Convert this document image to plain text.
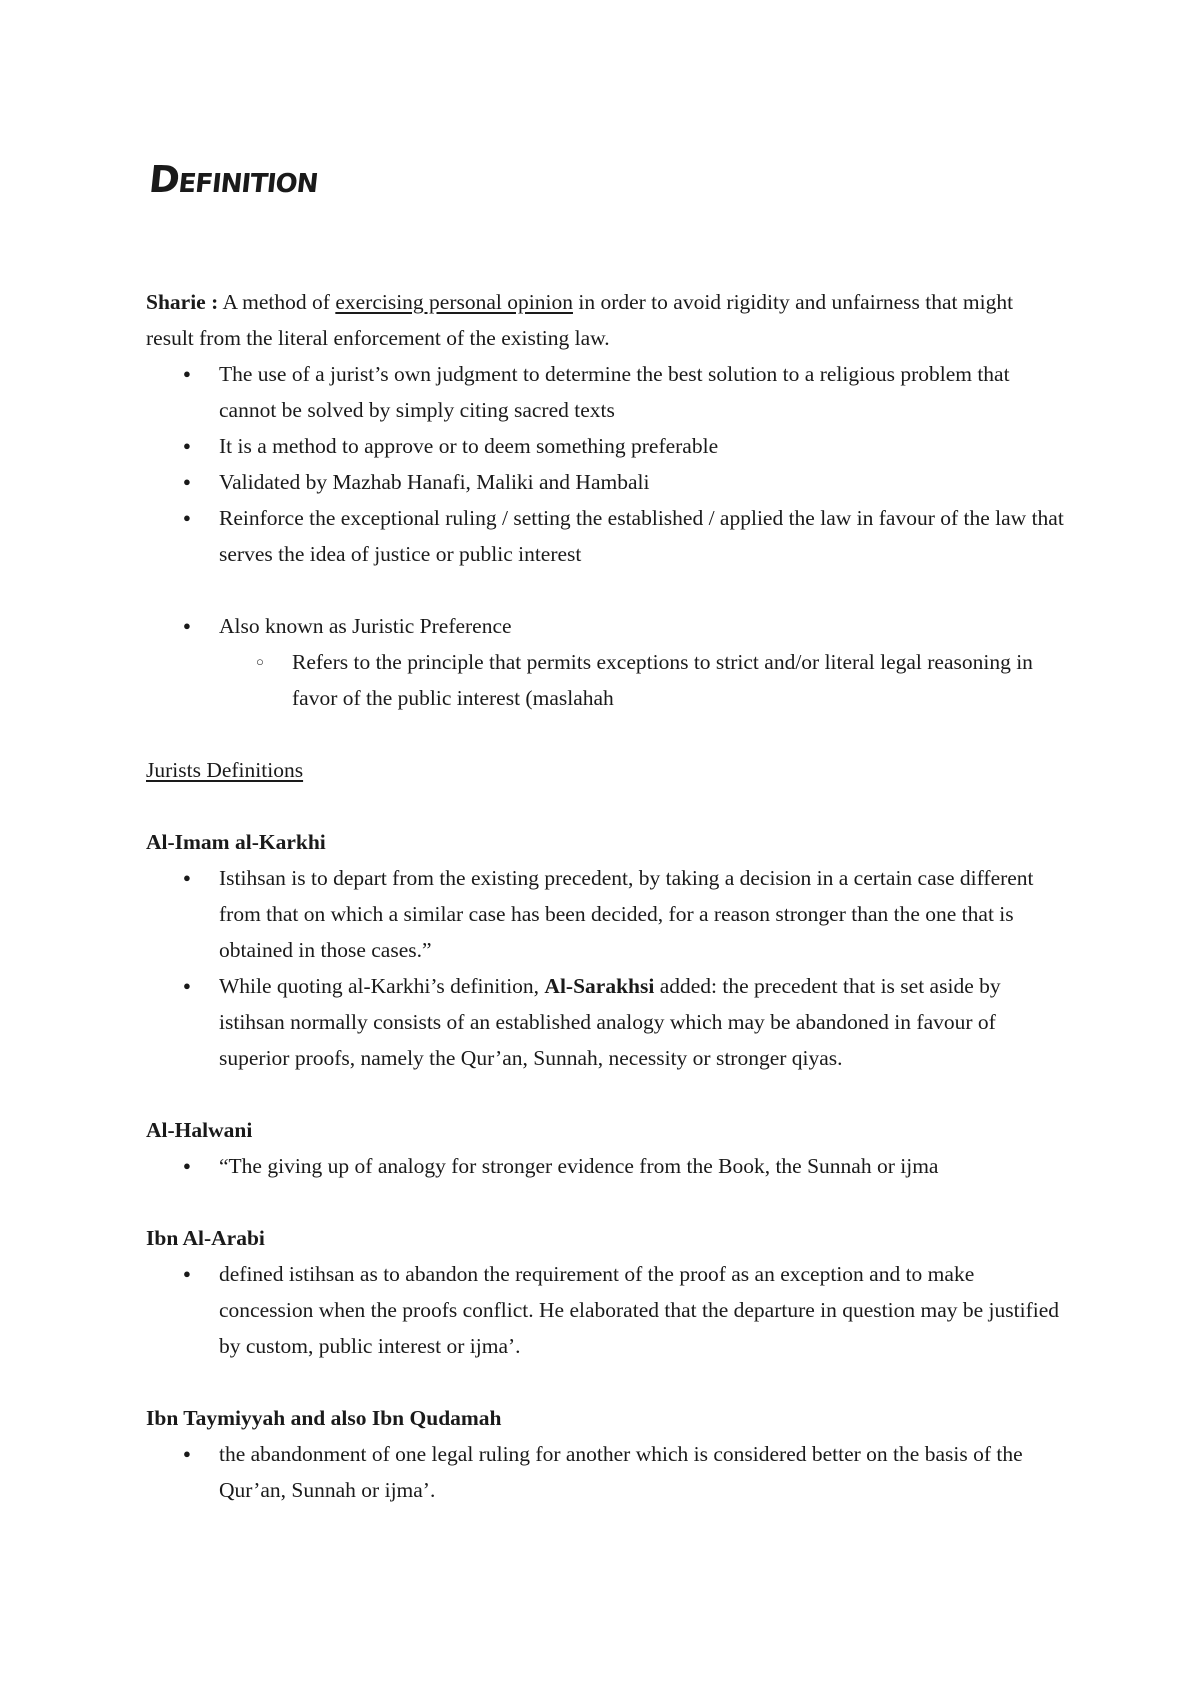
Definition

Sharie : A method of exercising personal opinion in order to avoid rigidity and unfairness that might result from the literal enforcement of the existing law.

● The use of a jurist’s own judgment to determine the best solution to a religious problem that cannot be solved by simply citing sacred texts
● It is a method to approve or to deem something preferable
● Validated by Mazhab Hanafi, Maliki and Hambali
● Reinforce the exceptional ruling / setting the established / applied the law in favour of the law that serves the idea of justice or public interest
● Also known as Juristic Preference
○ Refers to the principle that permits exceptions to strict and/or literal legal reasoning in favor of the public interest (maslahah

Jurists Definitions

Al-Imam al-Karkhi

● Istihsan is to depart from the existing precedent, by taking a decision in a certain case different from that on which a similar case has been decided, for a reason stronger than the one that is obtained in those cases.”
● While quoting al-Karkhi’s definition, Al-Sarakhsi added: the precedent that is set aside by istihsan normally consists of an established analogy which may be abandoned in favour of superior proofs, namely the Qur’an, Sunnah, necessity or stronger qiyas.

Al-Halwani

● “The giving up of analogy for stronger evidence from the Book, the Sunnah or ijma

Ibn Al-Arabi

● defined istihsan as to abandon the requirement of the proof as an exception and to make concession when the proofs conflict. He elaborated that the departure in question may be justified by custom, public interest or ijma’.

Ibn Taymiyyah and also Ibn Qudamah

● the abandonment of one legal ruling for another which is considered better on the basis of the Qur’an, Sunnah or ijma’.
